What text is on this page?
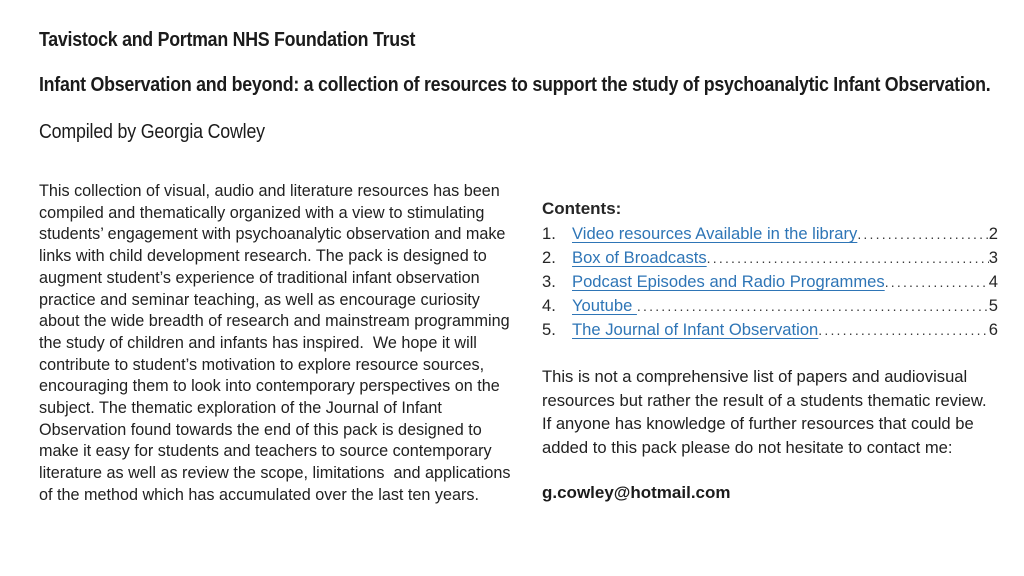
Tavistock and Portman NHS Foundation Trust
Infant Observation and beyond: a collection of resources to support the study of psychoanalytic Infant Observation.

Compiled by Georgia Cowley

This collection of visual, audio and literature resources has been compiled and thematically organized with a view to stimulating students’ engagement with psychoanalytic observation and make links with child development research. The pack is designed to augment student’s experience of traditional infant observation practice and seminar teaching, as well as encourage curiosity about the wide breadth of research and mainstream programming the study of children and infants has inspired.  We hope it will contribute to student’s motivation to explore resource sources, encouraging them to look into contemporary perspectives on the subject. The thematic exploration of the Journal of Infant Observation found towards the end of this pack is designed to make it easy for students and teachers to source contemporary literature as well as review the scope, limitations  and applications of the method which has accumulated over the last ten years.
Contents:
1. Video resources Available in the library .....	2
2. Box of Broadcasts .....	3
3. Podcast Episodes and Radio Programmes .....	4
4. Youtube .....	5
5. The Journal of Infant Observation .....	6

This is not a comprehensive list of papers and audiovisual resources but rather the result of a students thematic review. If anyone has knowledge of further resources that could be added to this pack please do not hesitate to contact me:

g.cowley@hotmail.com
